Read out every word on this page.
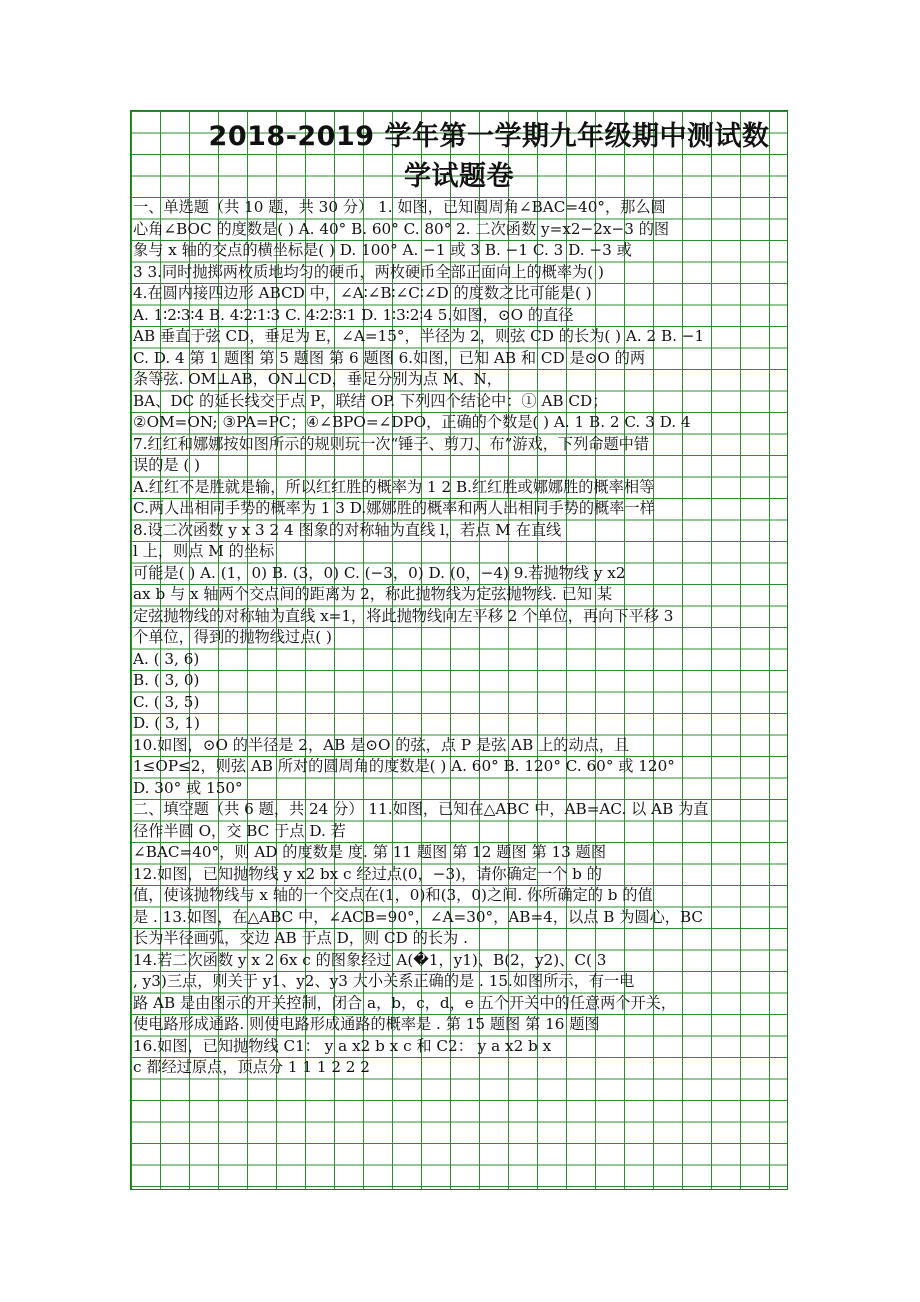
2018-2019 学年第一学期九年级期中测试数
学试题卷
一、单选题（共 10 题，共 30 分） 1. 如图，已知圆周角∠BAC=40°，那么圆
心角∠BOC 的度数是( ) A. 40° B. 60° C. 80° 2. 二次函数 y=x2−2x−3 的图
象与 x 轴的交点的横坐标是( ) D. 100° A. −1 或 3 B. −1 C. 3 D. −3 或
3 3.同时抛掷两枚质地均匀的硬币，两枚硬币全部正面向上的概率为( )
4.在圆内接四边形 ABCD 中，∠A∶∠B∶∠C∶∠D 的度数之比可能是( )
A. 1∶2∶3∶4 B. 4∶2∶1∶3 C. 4∶2∶3∶1 D. 1∶3∶2∶4 5.如图，⊙O 的直径
AB 垂直于弦 CD，垂足为 E，∠A=15°，半径为 2，则弦 CD 的长为( ) A. 2 B. −1
C. D. 4 第 1 题图 第 5 题图 第 6 题图 6.如图，已知 AB 和 CD 是⊙O 的两
条等弦. OM⊥AB，ON⊥CD，垂足分别为点 M、N，
BA、DC 的延长线交于点 P，联结 OP. 下列四个结论中：① AB CD；
②OM=ON; ③PA=PC；④∠BPO=∠DPO，正确的个数是( ) A. 1 B. 2 C. 3 D. 4
7.红红和娜娜按如图所示的规则玩一次“锤子、剪刀、布”游戏，下列命题中错
误的是 ( )
A.红红不是胜就是输，所以红红胜的概率为 1 2 B.红红胜或娜娜胜的概率相等
C.两人出相同手势的概率为 1 3 D.娜娜胜的概率和两人出相同手势的概率一样
8.设二次函数 y x 3 2 4 图象的对称轴为直线 l，若点 M 在直线
l 上，则点 M 的坐标
可能是( ) A. (1，0) B. (3，0) C. (−3，0) D. (0，−4) 9.若抛物线 y x2
ax b 与 x 轴两个交点间的距离为 2，称此抛物线为定弦抛物线. 已知 某
定弦抛物线的对称轴为直线 x=1，将此抛物线向左平移 2 个单位，再向下平移 3
个单位，得到的抛物线过点( )
A. ( 3, 6)
B. ( 3, 0)
C. ( 3, 5)
D. ( 3, 1)
10.如图，⊙O 的半径是 2，AB 是⊙O 的弦，点 P 是弦 AB 上的动点，且
1≤OP≤2，则弦 AB 所对的圆周角的度数是( ) A. 60° B. 120° C. 60° 或 120°
D. 30° 或 150°
二、填空题（共 6 题，共 24 分） 11.如图，已知在△ABC 中，AB=AC. 以 AB 为直
径作半圆 O，交 BC 于点 D. 若
∠BAC=40°，则 AD 的度数是 度. 第 11 题图 第 12 题图 第 13 题图
12.如图，已知抛物线 y x2 bx c 经过点(0，−3)，请你确定一个 b 的
值，使该抛物线与 x 轴的一个交点在(1，0)和(3，0)之间. 你所确定的 b 的值
是 . 13.如图，在△ABC 中，∠ACB=90°，∠A=30°，AB=4，以点 B 为圆心，BC
长为半径画弧，交边 AB 于点 D，则 CD 的长为 .
14.若二次函数 y x 2 6x c 的图象经过 A(�1，y1)、B(2，y2)、C( 3
, y3)三点，则关于 y1、y2、y3 大小关系正确的是 . 15.如图所示，有一电
路 AB 是由图示的开关控制，闭合 a，b，c，d，e 五个开关中的任意两个开关，
使电路形成通路. 则使电路形成通路的概率是 . 第 15 题图 第 16 题图
16.如图，已知抛物线 C1： y a x2 b x c 和 C2： y a x2 b x
c 都经过原点，顶点分 1 1 1 2 2 2
